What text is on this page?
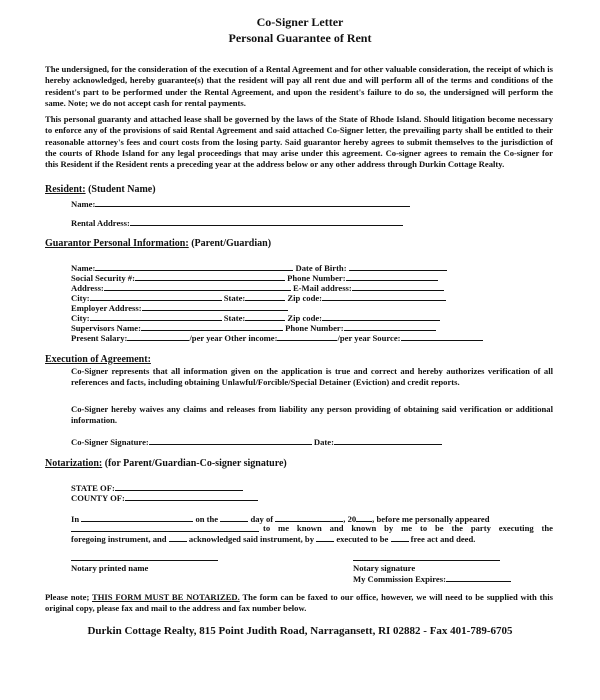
Co-Signer Letter
Personal Guarantee of Rent
The undersigned, for the consideration of the execution of a Rental Agreement and for other valuable consideration, the receipt of which is hereby acknowledged, hereby guarantee(s) that the resident will pay all rent due and will perform all of the terms and conditions of the resident's part to be performed under the Rental Agreement, and upon the resident's failure to do so, the undersigned will perform the same. Note; we do not accept cash for rental payments.
This personal guaranty and attached lease shall be governed by the laws of the State of Rhode Island. Should litigation become necessary to enforce any of the provisions of said Rental Agreement and said attached Co-Signer letter, the prevailing party shall be entitled to their reasonable attorney's fees and court costs from the losing party. Said guarantor hereby agrees to submit themselves to the jurisdiction of the courts of Rhode Island for any legal proceedings that may arise under this agreement. Co-signer agrees to remain the Co-signer for this Resident if the Resident rents a preceding year at the address below or any other address through Durkin Cottage Realty.
Resident: (Student Name)
Name:
Rental Address:
Guarantor Personal Information: (Parent/Guardian)
Name:	Date of Birth:
Social Security #:	Phone Number:
Address:	E-Mail address:
City:	State:	Zip code:
Employer Address:
City:	State:	Zip code:
Supervisors Name:	Phone Number:
Present Salary:	/per year Other income:	/per year Source:
Execution of Agreement:
Co-Signer represents that all information given on the application is true and correct and hereby authorizes verification of all references and facts, including obtaining Unlawful/Forcible/Special Detainer (Eviction) and credit reports.
Co-Signer hereby waives any claims and releases from liability any person providing of obtaining said verification or additional information.
Co-Signer Signature:	Date:
Notarization: (for Parent/Guardian-Co-signer signature)
STATE OF:
COUNTY OF:
In	on the	day of	, 20 , before me personally appeared
to me known and known by me to be the party executing the
foregoing instrument, and	acknowledged said instrument, by	executed to be	free act and deed.
Notary printed name	Notary signature
My Commission Expires:
Please note; THIS FORM MUST BE NOTARIZED. The form can be faxed to our office, however, we will need to be supplied with this original copy, please fax and mail to the address and fax number below.
Durkin Cottage Realty, 815 Point Judith Road, Narragansett, RI 02882 - Fax 401-789-6705
